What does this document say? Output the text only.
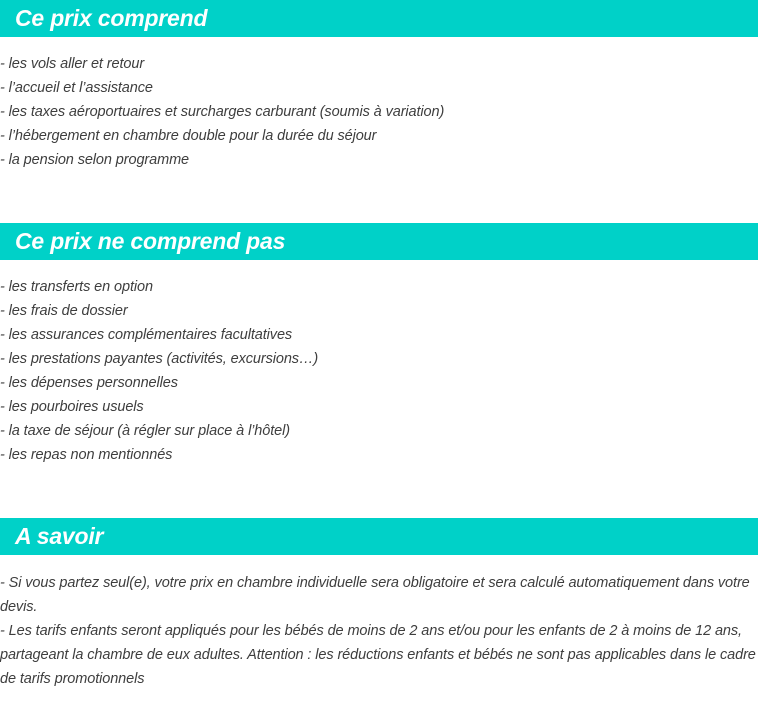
Ce prix comprend
- les vols aller et retour
- l’accueil et l’assistance
- les taxes aéroportuaires et surcharges carburant (soumis à variation)
- l’hébergement en chambre double pour la durée du séjour
- la pension selon programme
Ce prix ne comprend pas
- les transferts en option
- les frais de dossier
- les assurances complémentaires facultatives
- les prestations payantes (activités, excursions…)
- les dépenses personnelles
- les pourboires usuels
- la taxe de séjour (à régler sur place à l’hôtel)
- les repas non mentionnés
A savoir

- Si vous partez seul(e), votre prix en chambre individuelle sera obligatoire et sera calculé automatiquement dans votre devis.

- Les tarifs enfants seront appliqués pour les bébés de moins de 2 ans et/ou pour les enfants de 2 à moins de 12 ans, partageant la chambre de eux adultes. Attention : les réductions enfants et bébés ne sont pas applicables dans le cadre de tarifs promotionnels
